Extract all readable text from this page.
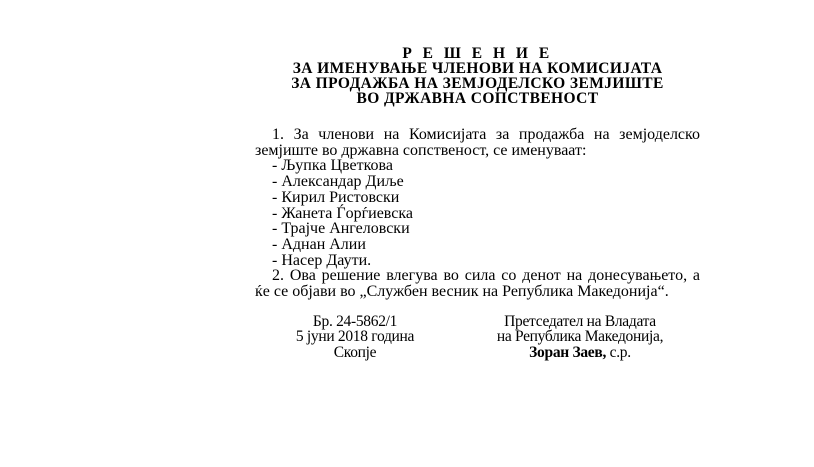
Р Е Ш Е Н И Е
ЗА ИМЕНУВАЊЕ ЧЛЕНОВИ НА КОМИСИЈАТА
ЗА ПРОДАЖБА НА ЗЕМЈОДЕЛСКО ЗЕМЈИШТЕ
ВО ДРЖАВНА СОПСТВЕНОСТ
1. За членови на Комисијата за продажба на земјоделско земјиште во државна сопственост, се именуваат:
- Љупка Цветкова
- Александар Диље
- Кирил Ристовски
- Жанета Ѓорѓиевска
- Трајче Ангеловски
- Аднан Алии
- Насер Даути.
2. Ова решение влегува во сила со денот на донесувањето, а ќе се објави во „Службен весник на Република Македонија“.
Бр. 24-5862/1
5 јуни 2018 година
Скопје
Претседател на Владата
на Република Македонија,
Зоран Заев, с.р.
